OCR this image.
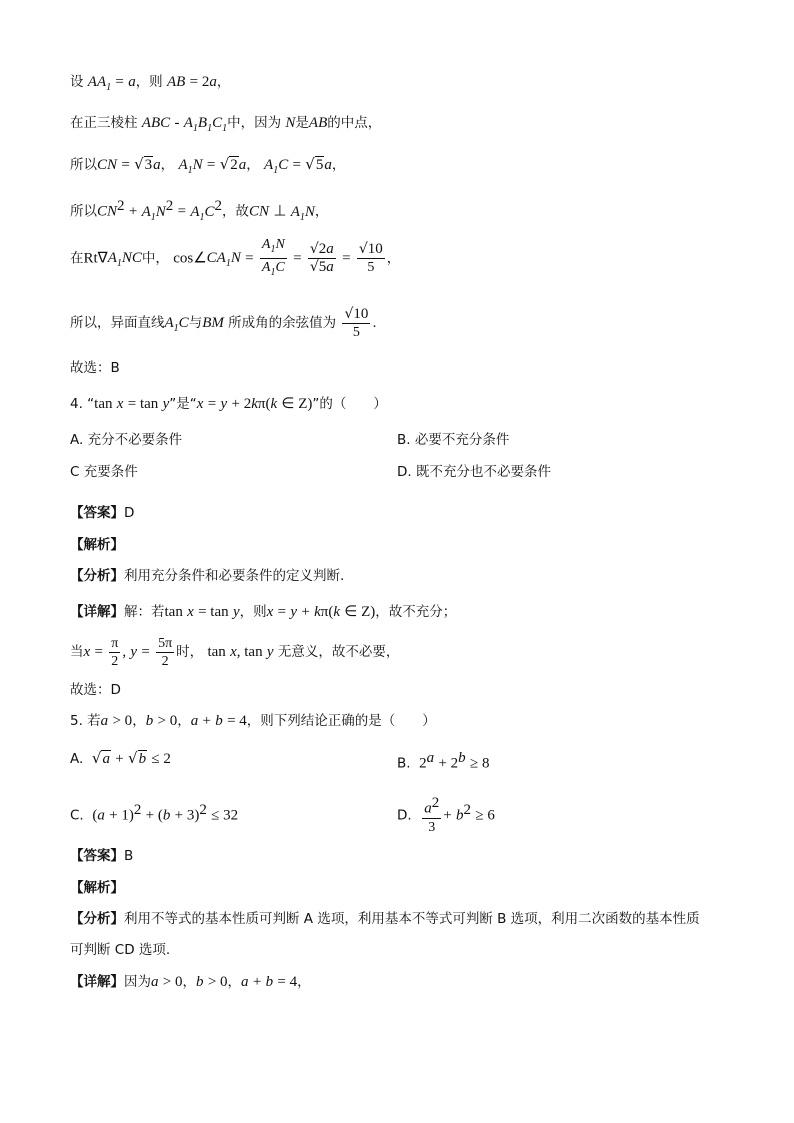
设 $AA_1 = a$，则 AB = 2a，
在正三棱柱 ABC - $A_1B_1C_1$中，因为 N是AB的中点，
所以CN = √3a， $A_1N = √2a$， $A_1C = √5a$，
所以$CN^2 + A_1N^2 = A_1C^2$，故CN ⊥ $A_1N$，
在$Rt\nabla A_1NC$中， $\cos\angle CA_1N = \frac{A_1N}{A_1C} = \frac{√2a}{√5a} = \frac{√10}{5}$ ，
所以，异面直线$A_1C$与BM 所成角的余弦值为 $\frac{√10}{5}$ .
故选：B
4. “tan x = tan y”是“x = y + 2kπ(k ∈ Z)”的（　　）
A. 充分不必要条件	B. 必要不充分条件
C 充要条件	D. 既不充分也不必要条件
【答案】D
【解析】
【分析】利用充分条件和必要条件的定义判断.
【详解】解：若tan x = tan y，则x = y + kπ(k ∈ Z)，故不充分；
当$x = \frac{\pi}{2}$ , $y = \frac{5\pi}{2}$ 时， tan x, tan y 无意义，故不必要，
故选：D
5. 若a > 0，b > 0，a + b = 4，则下列结论正确的是（　　）
A. √a + √b ≤ 2	B. $2^a + 2^b \ge 8$
C. $(a + 1)^2 + (b + 3)^2 \le 32$	D. $\frac{a^2}{3} + b^2 \ge 6$
【答案】B
【解析】
【分析】利用不等式的基本性质可判断 A 选项，利用基本不等式可判断 B 选项，利用二次函数的基本性质
可判断 CD 选项.
【详解】因为a > 0，b > 0，a + b = 4，
